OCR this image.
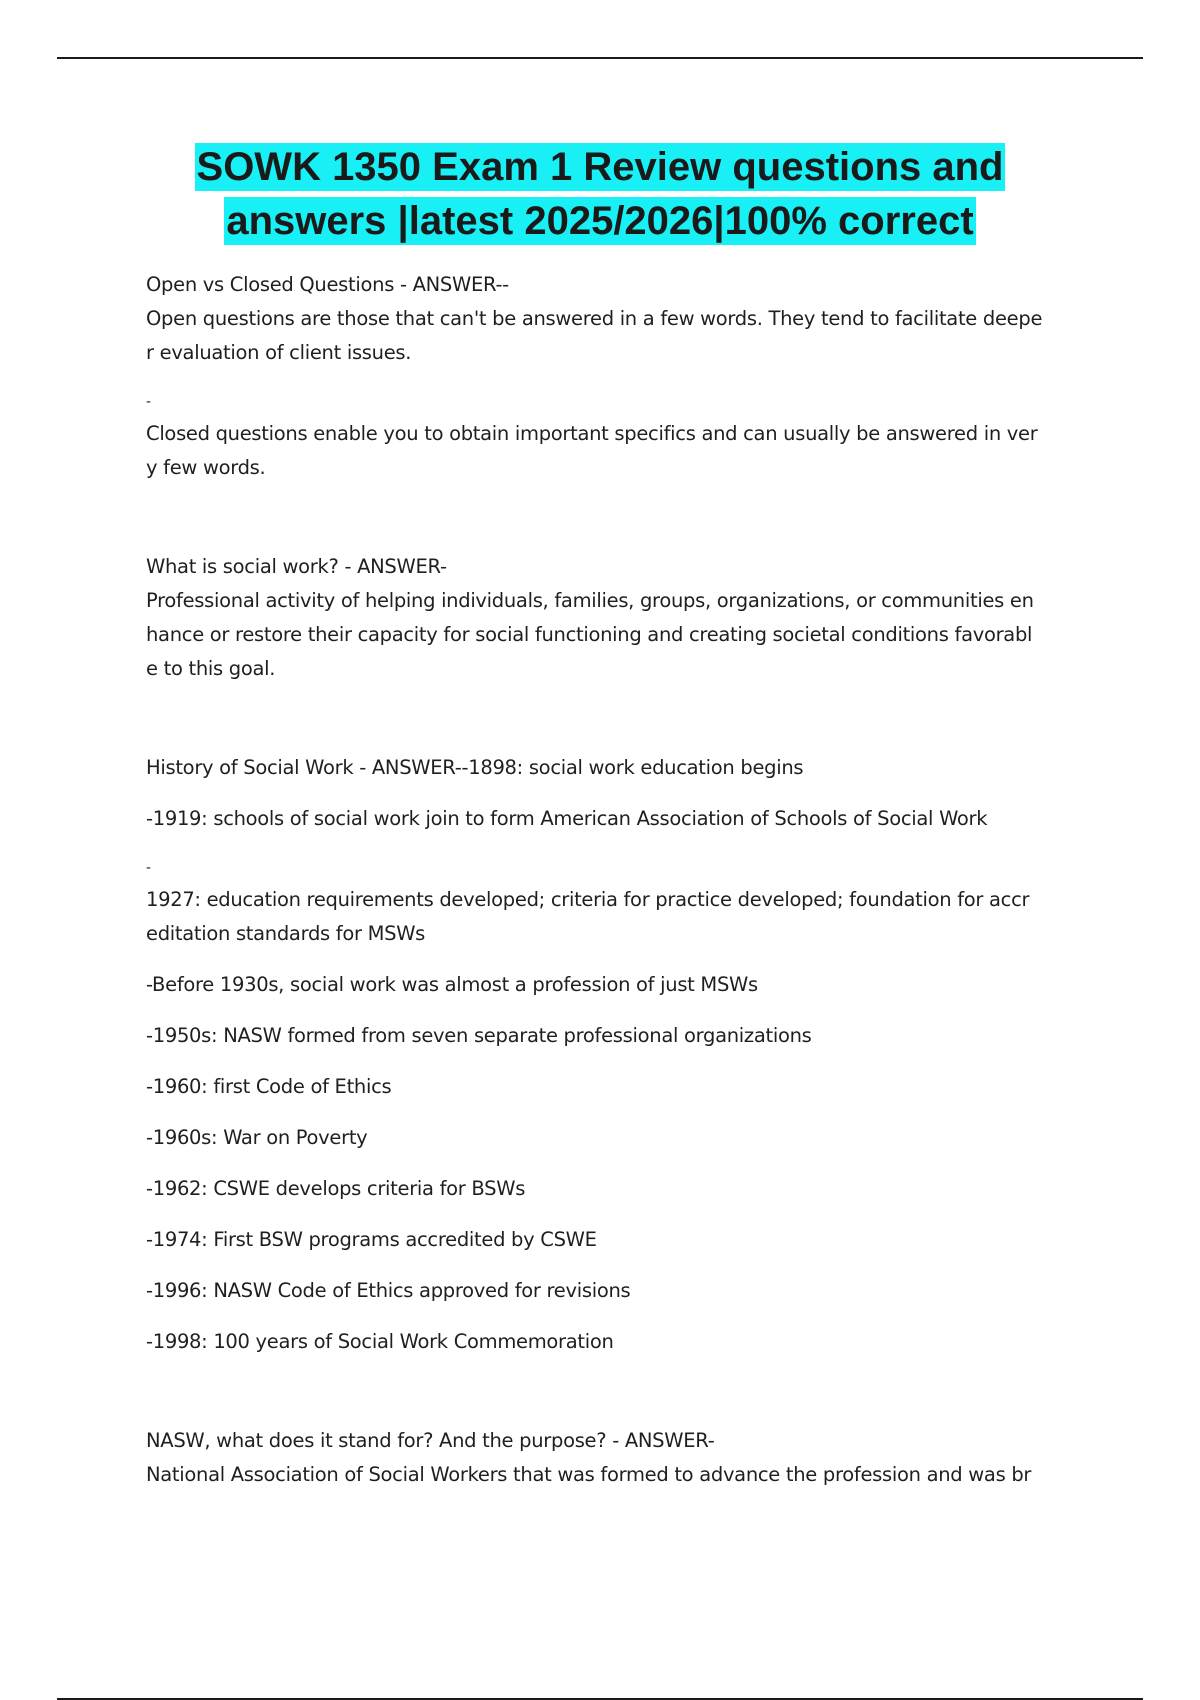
SOWK 1350 Exam 1 Review questions and
answers |latest 2025/2026|100% correct

Open vs Closed Questions - ANSWER--

Open questions are those that can't be answered in a few words. They tend to facilitate deepe

r evaluation of client issues.

-

Closed questions enable you to obtain important specifics and can usually be answered in ver

y few words.

What is social work? - ANSWER-

Professional activity of helping individuals, families, groups, organizations, or communities en

hance or restore their capacity for social functioning and creating societal conditions favorabl

e to this goal.

History of Social Work - ANSWER--1898: social work education begins

-1919: schools of social work join to form American Association of Schools of Social Work

-

1927: education requirements developed; criteria for practice developed; foundation for accr

editation standards for MSWs

-Before 1930s, social work was almost a profession of just MSWs

-1950s: NASW formed from seven separate professional organizations

-1960: first Code of Ethics

-1960s: War on Poverty

-1962: CSWE develops criteria for BSWs

-1974: First BSW programs accredited by CSWE

-1996: NASW Code of Ethics approved for revisions

-1998: 100 years of Social Work Commemoration

NASW, what does it stand for? And the purpose? - ANSWER-

National Association of Social Workers that was formed to advance the profession and was br
